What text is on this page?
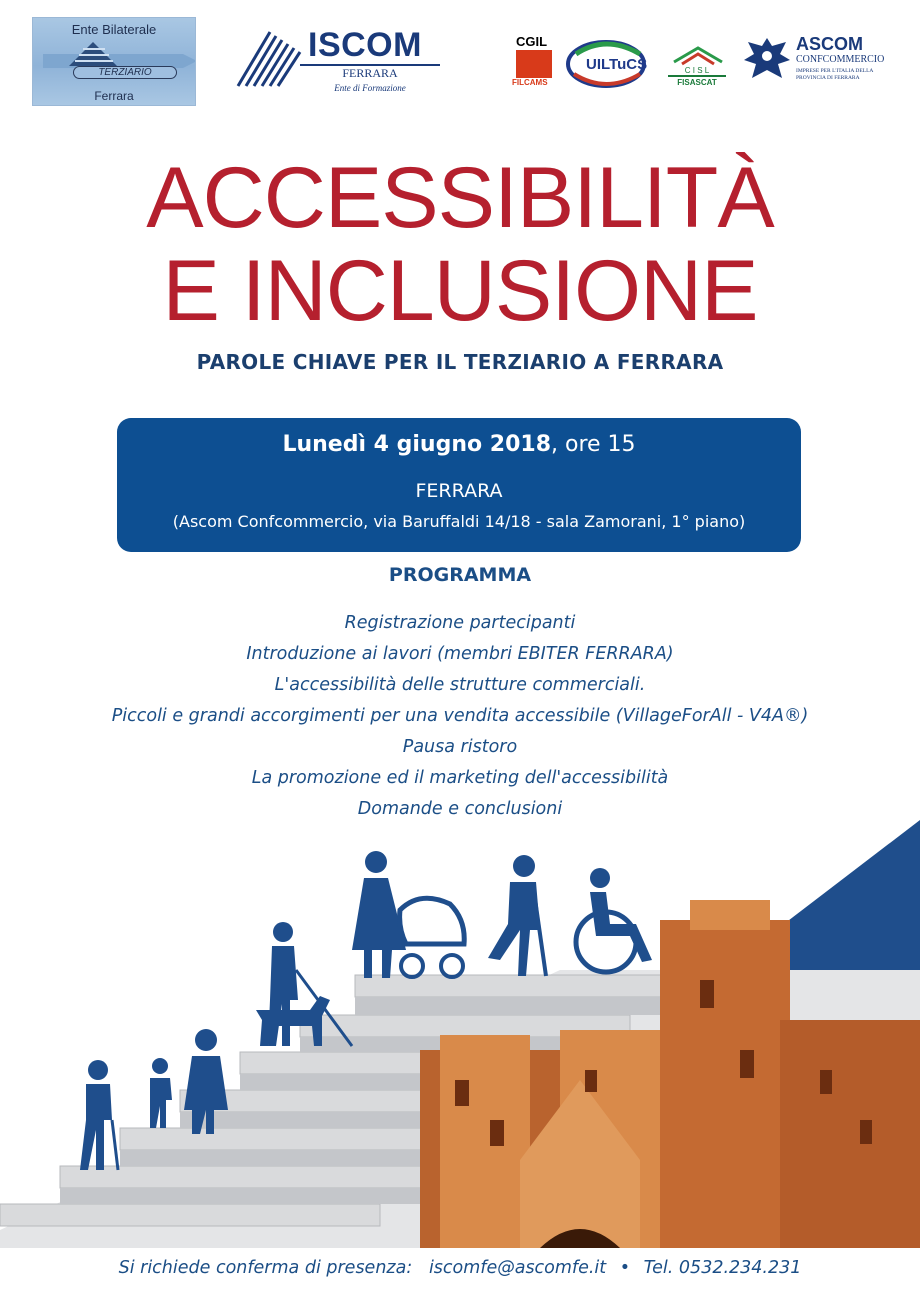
Ente Bilaterale
TERZIARIO
Ferrara
ISCOM
FERRARA
Ente di Formazione
CGIL
FILCAMS
UILTuCS	C I S L
FISASCAT
ASCOM
CONFCOMMERCIO
IMPRESE PER L'ITALIA DELLA PROVINCIA DI FERRARA
ACCESSIBILITÀ
E INCLUSIONE
PAROLE CHIAVE PER IL TERZIARIO A FERRARA
Lunedì 4 giugno 2018, ore 15
FERRARA
(Ascom Confcommercio, via Baruffaldi 14/18 - sala Zamorani, 1° piano)
PROGRAMMA
Registrazione partecipanti
Introduzione ai lavori (membri EBITER FERRARA)
L'accessibilità delle strutture commerciali.
Piccoli e grandi accorgimenti per una vendita accessibile (VillageForAll - V4A®)
Pausa ristoro
La promozione ed il marketing dell'accessibilità
Domande e conclusioni
Si richiede conferma di presenza: iscomfe@ascomfe.it • Tel. 0532.234.231
